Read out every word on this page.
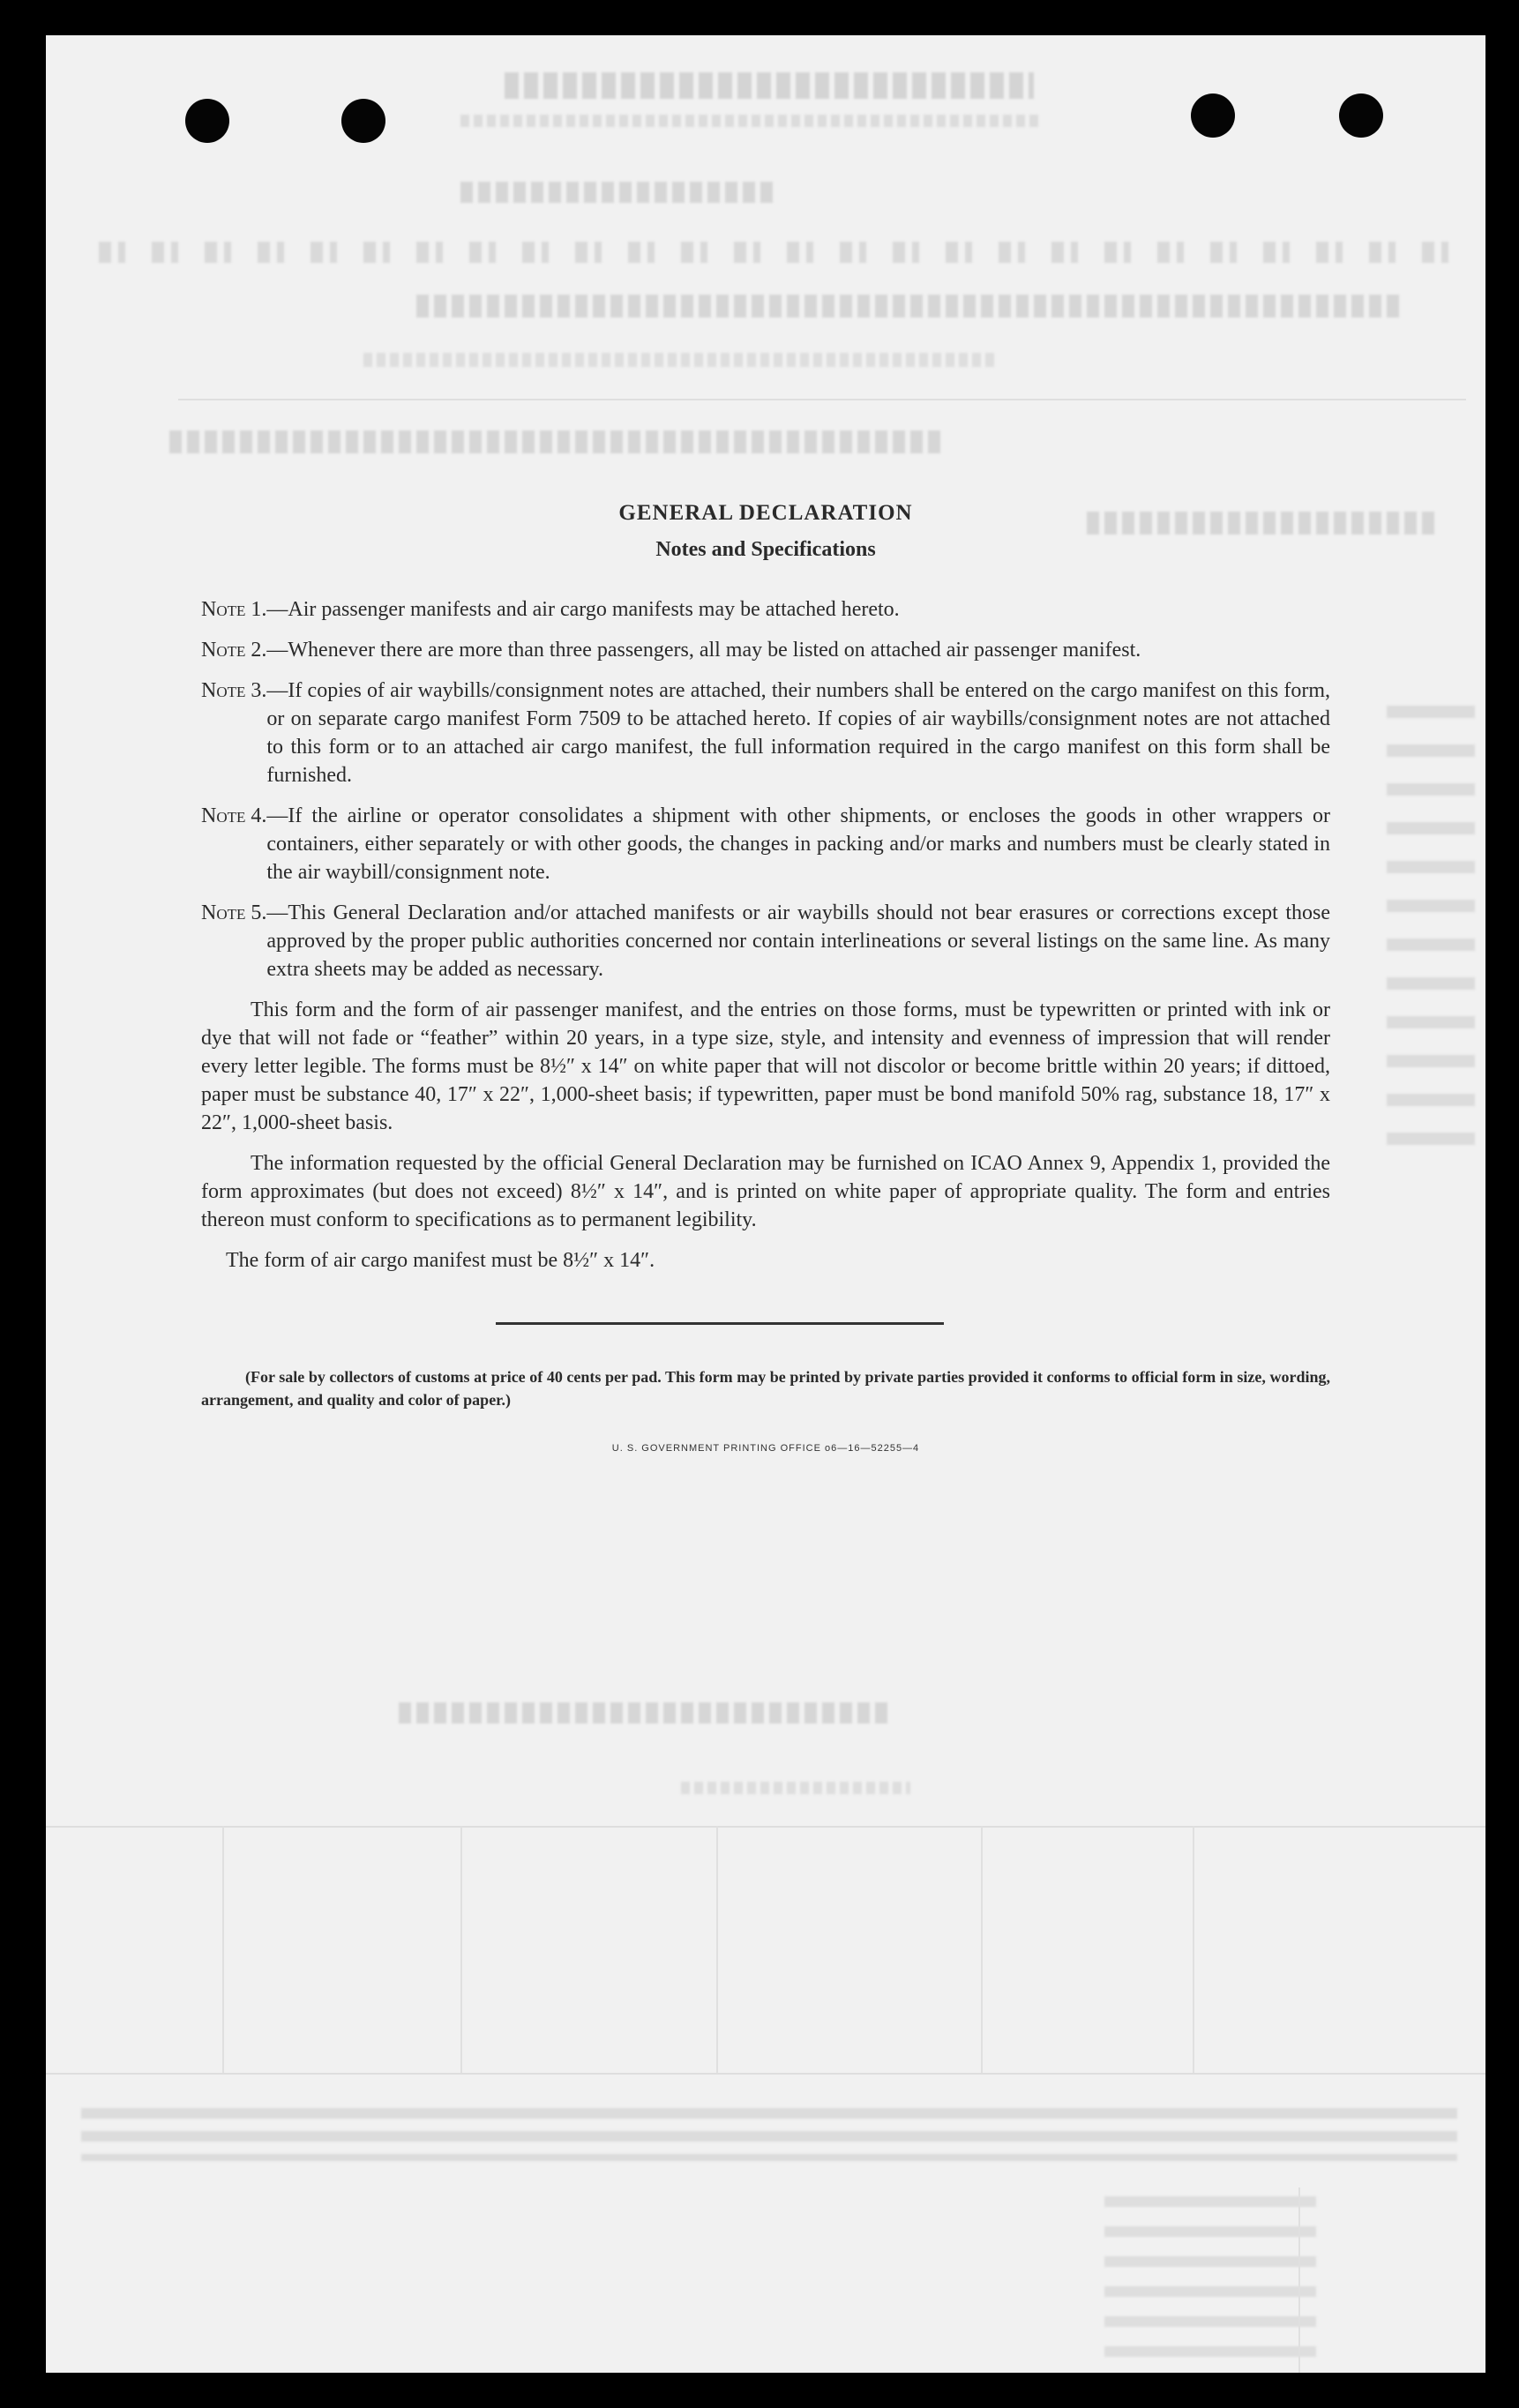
GENERAL DECLARATION
Notes and Specifications
Note 1. —Air passenger manifests and air cargo manifests may be attached hereto.
Note 2. —Whenever there are more than three passengers, all may be listed on attached air passenger manifest.
Note 3. —If copies of air waybills/consignment notes are attached, their numbers shall be entered on the cargo manifest on this form, or on separate cargo manifest Form 7509 to be attached hereto. If copies of air waybills/consignment notes are not attached to this form or to an attached air cargo manifest, the full information required in the cargo manifest on this form shall be furnished.
Note 4. —If the airline or operator consolidates a shipment with other shipments, or encloses the goods in other wrappers or containers, either separately or with other goods, the changes in packing and/or marks and numbers must be clearly stated in the air waybill/consignment note.
Note 5. —This General Declaration and/or attached manifests or air waybills should not bear erasures or corrections except those approved by the proper public authorities concerned nor contain interlineations or several listings on the same line. As many extra sheets may be added as necessary.
This form and the form of air passenger manifest, and the entries on those forms, must be typewritten or printed with ink or dye that will not fade or “feather” within 20 years, in a type size, style, and intensity and evenness of impression that will render every letter legible. The forms must be 8½″ x 14″ on white paper that will not discolor or become brittle within 20 years; if dittoed, paper must be substance 40, 17″ x 22″, 1,000-sheet basis; if typewritten, paper must be bond manifold 50% rag, substance 18, 17″ x 22″, 1,000-sheet basis.
The information requested by the official General Declaration may be furnished on ICAO Annex 9, Appendix 1, provided the form approximates (but does not exceed) 8½″ x 14″, and is printed on white paper of appropriate quality. The form and entries thereon must conform to specifications as to permanent legibility.
The form of air cargo manifest must be 8½″ x 14″.
(For sale by collectors of customs at price of 40 cents per pad. This form may be printed by private parties provided it conforms to official form in size, wording, arrangement, and quality and color of paper.)
U. S. GOVERNMENT PRINTING OFFICE o6—16—52255—4
